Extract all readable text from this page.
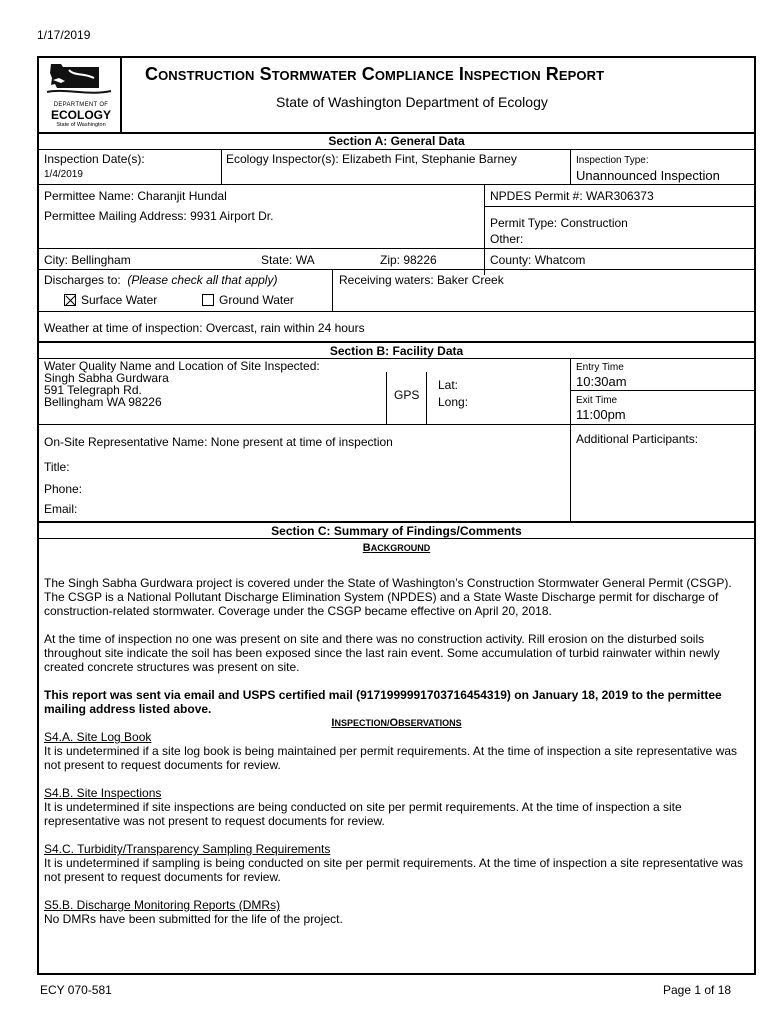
1/17/2019
DEPARTMENT OF
ECOLOGY
State of Washington
Construction Stormwater Compliance Inspection Report
State of Washington Department of Ecology
Section A: General Data
Inspection Date(s):
1/4/2019
Ecology Inspector(s): Elizabeth Fint, Stephanie Barney	Inspection Type:
Unannounced Inspection
Permittee Name: Charanjit Hundal
Permittee Mailing Address: 9931 Airport Dr.
NPDES Permit #: WAR306373
Permit Type: Construction
Other:
City: Bellingham	State: WA	Zip: 98226	County: Whatcom
Discharges to: (Please check all that apply)
Surface Water	Ground Water
Receiving waters: Baker Creek
Weather at time of inspection: Overcast, rain within 24 hours
Section B: Facility Data
Water Quality Name and Location of Site Inspected:
Singh Sabha Gurdwara
591 Telegraph Rd.
Bellingham WA 98226	GPS
Lat:
Long:
Entry Time
10:30am
Exit Time
11:00pm
On-Site Representative Name: None present at time of inspection	Additional Participants:
Title:
Phone:
Email:
Section C: Summary of Findings/Comments
BACKGROUND

The Singh Sabha Gurdwara project is covered under the State of Washington’s Construction Stormwater General Permit (CSGP). The CSGP is a National Pollutant Discharge Elimination System (NPDES) and a State Waste Discharge permit for discharge of construction-related stormwater. Coverage under the CSGP became effective on April 20, 2018.

At the time of inspection no one was present on site and there was no construction activity. Rill erosion on the disturbed soils throughout site indicate the soil has been exposed since the last rain event. Some accumulation of turbid rainwater within newly created concrete structures was present on site.

This report was sent via email and USPS certified mail (9171999991703716454319) on January 18, 2019 to the permittee mailing address listed above.

INSPECTION/OBSERVATIONS
S4.A. Site Log Book
It is undetermined if a site log book is being maintained per permit requirements. At the time of inspection a site representative was not present to request documents for review.
S4.B. Site Inspections
It is undetermined if site inspections are being conducted on site per permit requirements. At the time of inspection a site representative was not present to request documents for review.
S4.C. Turbidity/Transparency Sampling Requirements
It is undetermined if sampling is being conducted on site per permit requirements. At the time of inspection a site representative was not present to request documents for review.
S5.B. Discharge Monitoring Reports (DMRs)
No DMRs have been submitted for the life of the project.
ECY 070-581	Page 1 of 18
